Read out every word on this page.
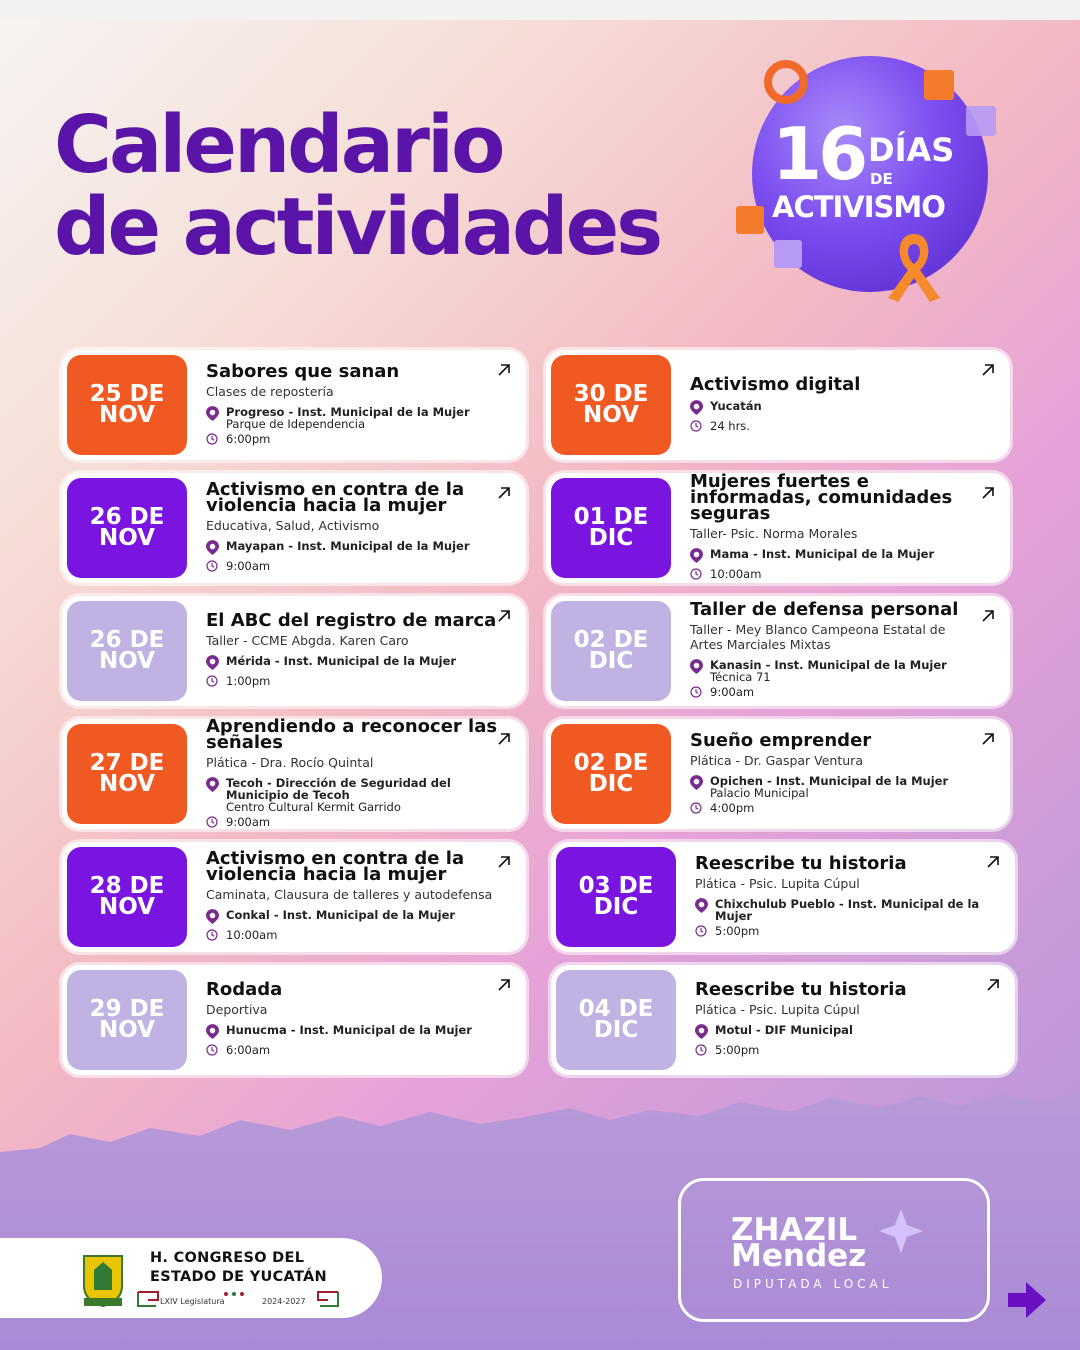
Calendario
de actividades
16 DÍAS
DE
ACTIVISMO
25 DE
NOV
Sabores que sanan
Clases de repostería
Progreso - Inst. Municipal de la Mujer
Parque de Idependencia
6:00pm
30 DE
NOV
Activismo digital
Yucatán
24 hrs.
26 DE
NOV
Activismo en contra de la violencia hacia la mujer
Educativa, Salud, Activismo
Mayapan - Inst. Municipal de la Mujer
9:00am
01 DE
DIC
Mujeres fuertes e informadas, comunidades seguras
Taller- Psic. Norma Morales
Mama - Inst. Municipal de la Mujer
10:00am
26 DE
NOV
El ABC del registro de marca
Taller - CCME Abgda. Karen Caro
Mérida - Inst. Municipal de la Mujer
1:00pm
02 DE
DIC
Taller de defensa personal
Taller - Mey Blanco Campeona Estatal de Artes Marciales Mixtas
Kanasin - Inst. Municipal de la Mujer
Técnica 71
9:00am
27 DE
NOV
Aprendiendo a reconocer las señales
Plática - Dra. Rocío Quintal
Tecoh - Dirección de Seguridad del Municipio de Tecoh
Centro Cultural Kermit Garrido
9:00am
02 DE
DIC
Sueño emprender
Plática - Dr. Gaspar Ventura
Opichen - Inst. Municipal de la Mujer
Palacio Municipal
4:00pm
28 DE
NOV
Activismo en contra de la violencia hacia la mujer
Caminata, Clausura de talleres y autodefensa
Conkal - Inst. Municipal de la Mujer
10:00am
03 DE
DIC
Reescribe tu historia
Plática - Psic. Lupita Cúpul
Chixchulub Pueblo - Inst. Municipal de la Mujer
5:00pm
29 DE
NOV
Rodada
Deportiva
Hunucma - Inst. Municipal de la Mujer
6:00am
04 DE
DIC
Reescribe tu historia
Plática - Psic. Lupita Cúpul
Motul - DIF Municipal
5:00pm
H. CONGRESO DEL
ESTADO DE YUCATÁN
LXIV Legislatura	2024-2027
ZHAZIL
Mendez
DIPUTADA LOCAL
